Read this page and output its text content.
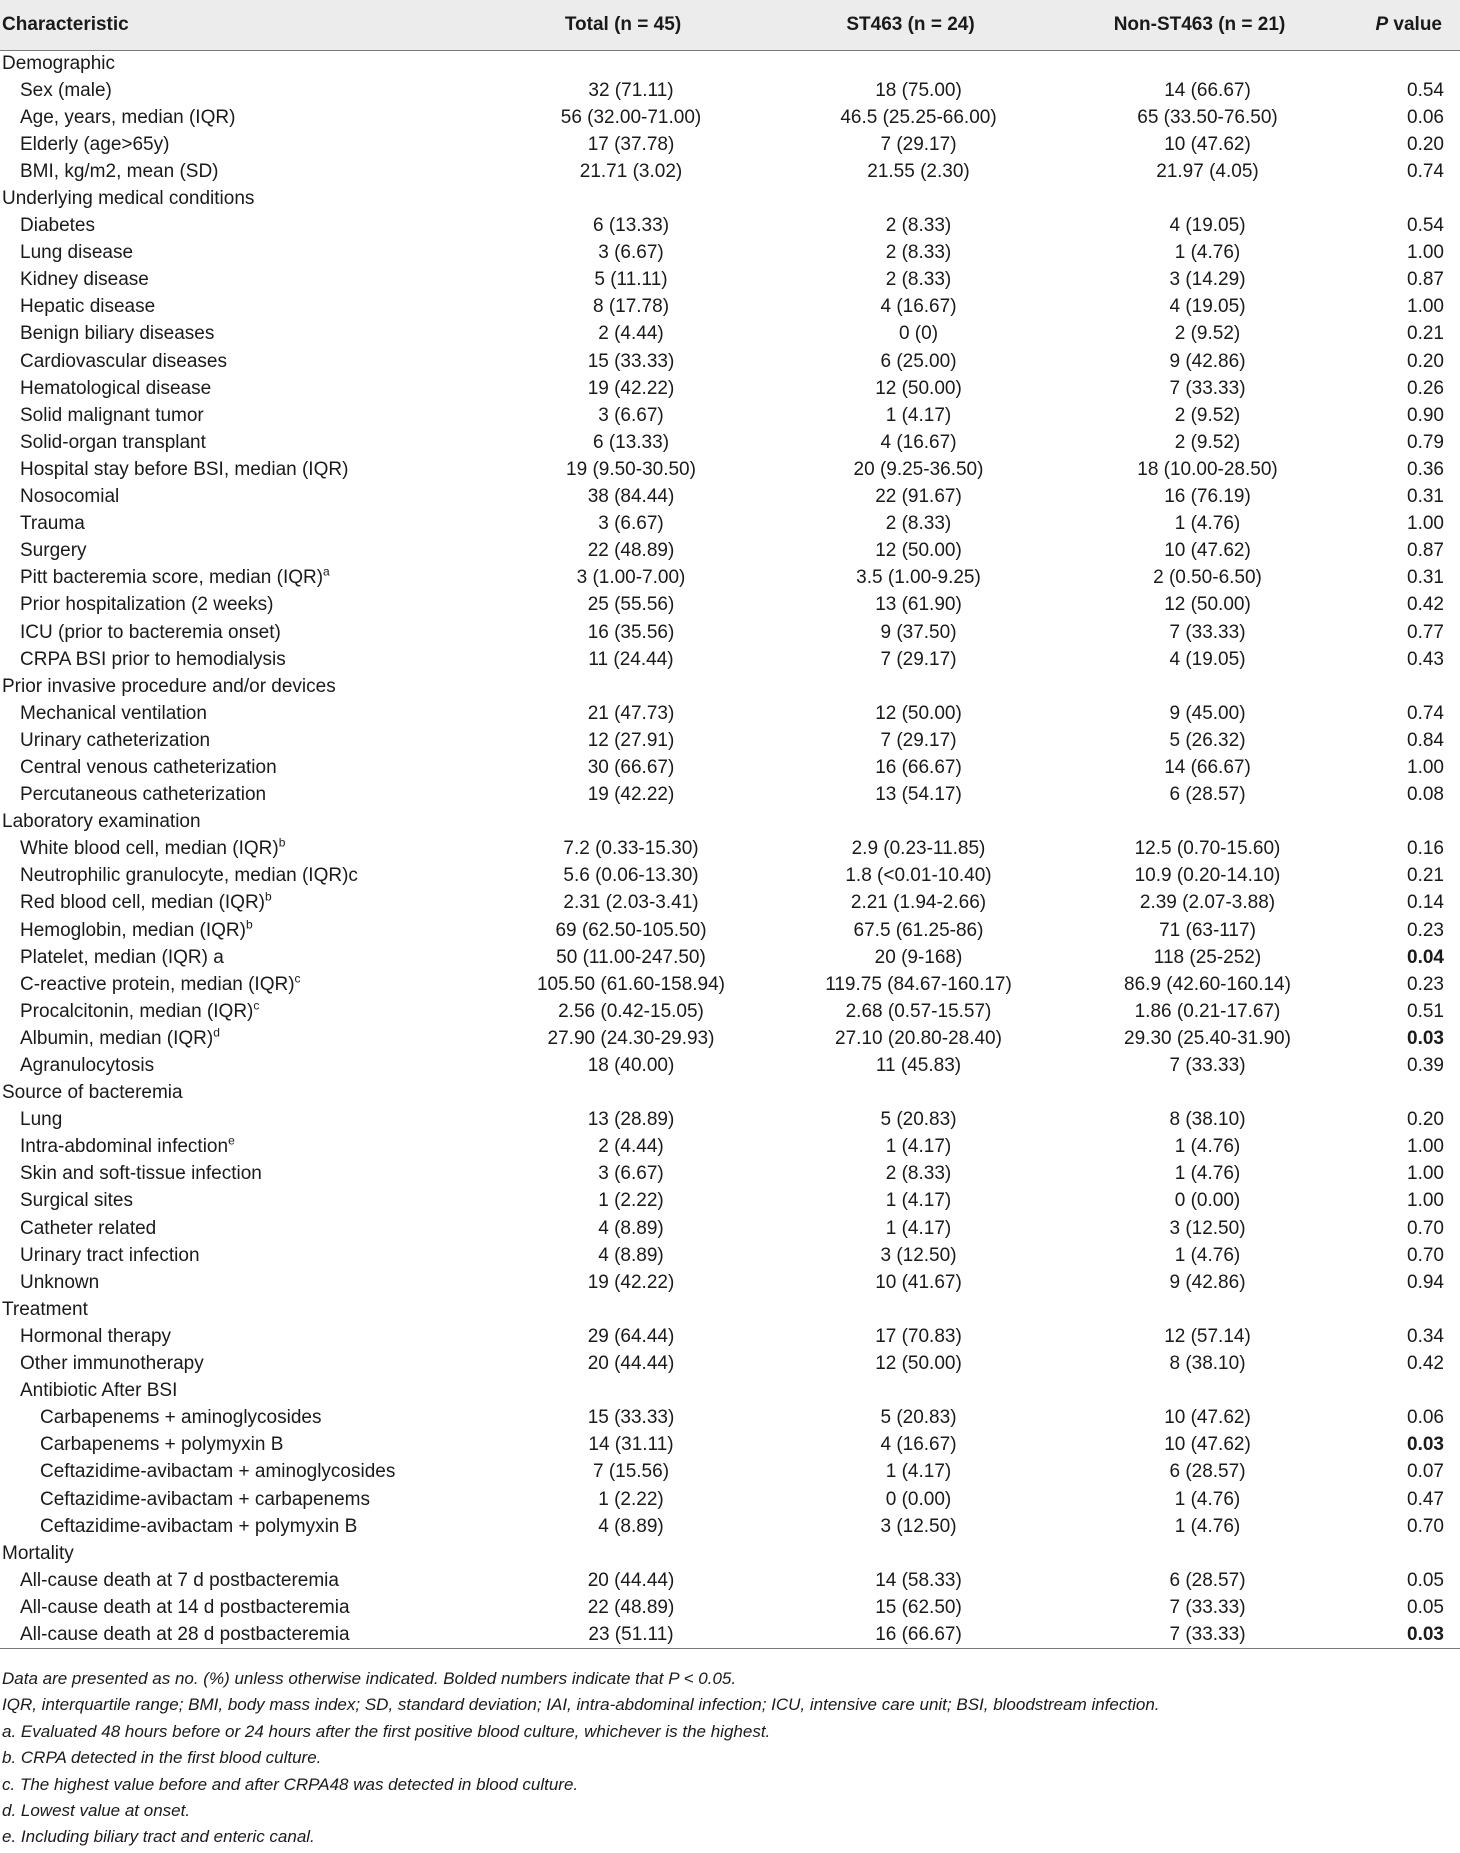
Characteristic	Total (n = 45)	ST463 (n = 24)	Non-ST463 (n = 21)	P value
Demographic				
Sex (male)	32 (71.11)	18 (75.00)	14 (66.67)	0.54
Age, years, median (IQR)	56 (32.00-71.00)	46.5 (25.25-66.00)	65 (33.50-76.50)	0.06
Elderly (age>65y)	17 (37.78)	7 (29.17)	10 (47.62)	0.20
BMI, kg/m2, mean (SD)	21.71 (3.02)	21.55 (2.30)	21.97 (4.05)	0.74
Underlying medical conditions				
Diabetes	6 (13.33)	2 (8.33)	4 (19.05)	0.54
Lung disease	3 (6.67)	2 (8.33)	1 (4.76)	1.00
Kidney disease	5 (11.11)	2 (8.33)	3 (14.29)	0.87
Hepatic disease	8 (17.78)	4 (16.67)	4 (19.05)	1.00
Benign biliary diseases	2 (4.44)	0 (0)	2 (9.52)	0.21
Cardiovascular diseases	15 (33.33)	6 (25.00)	9 (42.86)	0.20
Hematological disease	19 (42.22)	12 (50.00)	7 (33.33)	0.26
Solid malignant tumor	3 (6.67)	1 (4.17)	2 (9.52)	0.90
Solid-organ transplant	6 (13.33)	4 (16.67)	2 (9.52)	0.79
Hospital stay before BSI, median (IQR)	19 (9.50-30.50)	20 (9.25-36.50)	18 (10.00-28.50)	0.36
Nosocomial	38 (84.44)	22 (91.67)	16 (76.19)	0.31
Trauma	3 (6.67)	2 (8.33)	1 (4.76)	1.00
Surgery	22 (48.89)	12 (50.00)	10 (47.62)	0.87
Pitt bacteremia score, median (IQR)$^a$	3 (1.00-7.00)	3.5 (1.00-9.25)	2 (0.50-6.50)	0.31
Prior hospitalization (2 weeks)	25 (55.56)	13 (61.90)	12 (50.00)	0.42
ICU (prior to bacteremia onset)	16 (35.56)	9 (37.50)	7 (33.33)	0.77
CRPA BSI prior to hemodialysis	11 (24.44)	7 (29.17)	4 (19.05)	0.43
Prior invasive procedure and/or devices				
Mechanical ventilation	21 (47.73)	12 (50.00)	9 (45.00)	0.74
Urinary catheterization	12 (27.91)	7 (29.17)	5 (26.32)	0.84
Central venous catheterization	30 (66.67)	16 (66.67)	14 (66.67)	1.00
Percutaneous catheterization	19 (42.22)	13 (54.17)	6 (28.57)	0.08
Laboratory examination				
White blood cell, median (IQR)$^b$	7.2 (0.33-15.30)	2.9 (0.23-11.85)	12.5 (0.70-15.60)	0.16
Neutrophilic granulocyte, median (IQR)c	5.6 (0.06-13.30)	1.8 (<0.01-10.40)	10.9 (0.20-14.10)	0.21
Red blood cell, median (IQR)$^b$	2.31 (2.03-3.41)	2.21 (1.94-2.66)	2.39 (2.07-3.88)	0.14
Hemoglobin, median (IQR)$^b$	69 (62.50-105.50)	67.5 (61.25-86)	71 (63-117)	0.23
Platelet, median (IQR) a	50 (11.00-247.50)	20 (9-168)	118 (25-252)	0.04
C-reactive protein, median (IQR)$^c$	105.50 (61.60-158.94)	119.75 (84.67-160.17)	86.9 (42.60-160.14)	0.23
Procalcitonin, median (IQR)$^c$	2.56 (0.42-15.05)	2.68 (0.57-15.57)	1.86 (0.21-17.67)	0.51
Albumin, median (IQR)$^d$	27.90 (24.30-29.93)	27.10 (20.80-28.40)	29.30 (25.40-31.90)	0.03
Agranulocytosis	18 (40.00)	11 (45.83)	7 (33.33)	0.39
Source of bacteremia				
Lung	13 (28.89)	5 (20.83)	8 (38.10)	0.20
Intra-abdominal infection$^e$	2 (4.44)	1 (4.17)	1 (4.76)	1.00
Skin and soft-tissue infection	3 (6.67)	2 (8.33)	1 (4.76)	1.00
Surgical sites	1 (2.22)	1 (4.17)	0 (0.00)	1.00
Catheter related	4 (8.89)	1 (4.17)	3 (12.50)	0.70
Urinary tract infection	4 (8.89)	3 (12.50)	1 (4.76)	0.70
Unknown	19 (42.22)	10 (41.67)	9 (42.86)	0.94
Treatment				
Hormonal therapy	29 (64.44)	17 (70.83)	12 (57.14)	0.34
Other immunotherapy	20 (44.44)	12 (50.00)	8 (38.10)	0.42
Antibiotic After BSI				
Carbapenems + aminoglycosides	15 (33.33)	5 (20.83)	10 (47.62)	0.06
Carbapenems + polymyxin B	14 (31.11)	4 (16.67)	10 (47.62)	0.03
Ceftazidime-avibactam + aminoglycosides	7 (15.56)	1 (4.17)	6 (28.57)	0.07
Ceftazidime-avibactam + carbapenems	1 (2.22)	0 (0.00)	1 (4.76)	0.47
Ceftazidime-avibactam + polymyxin B	4 (8.89)	3 (12.50)	1 (4.76)	0.70
Mortality				
All-cause death at 7 d postbacteremia	20 (44.44)	14 (58.33)	6 (28.57)	0.05
All-cause death at 14 d postbacteremia	22 (48.89)	15 (62.50)	7 (33.33)	0.05
All-cause death at 28 d postbacteremia	23 (51.11)	16 (66.67)	7 (33.33)	0.03

Data are presented as no. (%) unless otherwise indicated. Bolded numbers indicate that P < 0.05.

IQR, interquartile range; BMI, body mass index; SD, standard deviation; IAI, intra-abdominal infection; ICU, intensive care unit; BSI, bloodstream infection.

a. Evaluated 48 hours before or 24 hours after the first positive blood culture, whichever is the highest.

b. CRPA detected in the first blood culture.

c. The highest value before and after CRPA48 was detected in blood culture.

d. Lowest value at onset.

e. Including biliary tract and enteric canal.
